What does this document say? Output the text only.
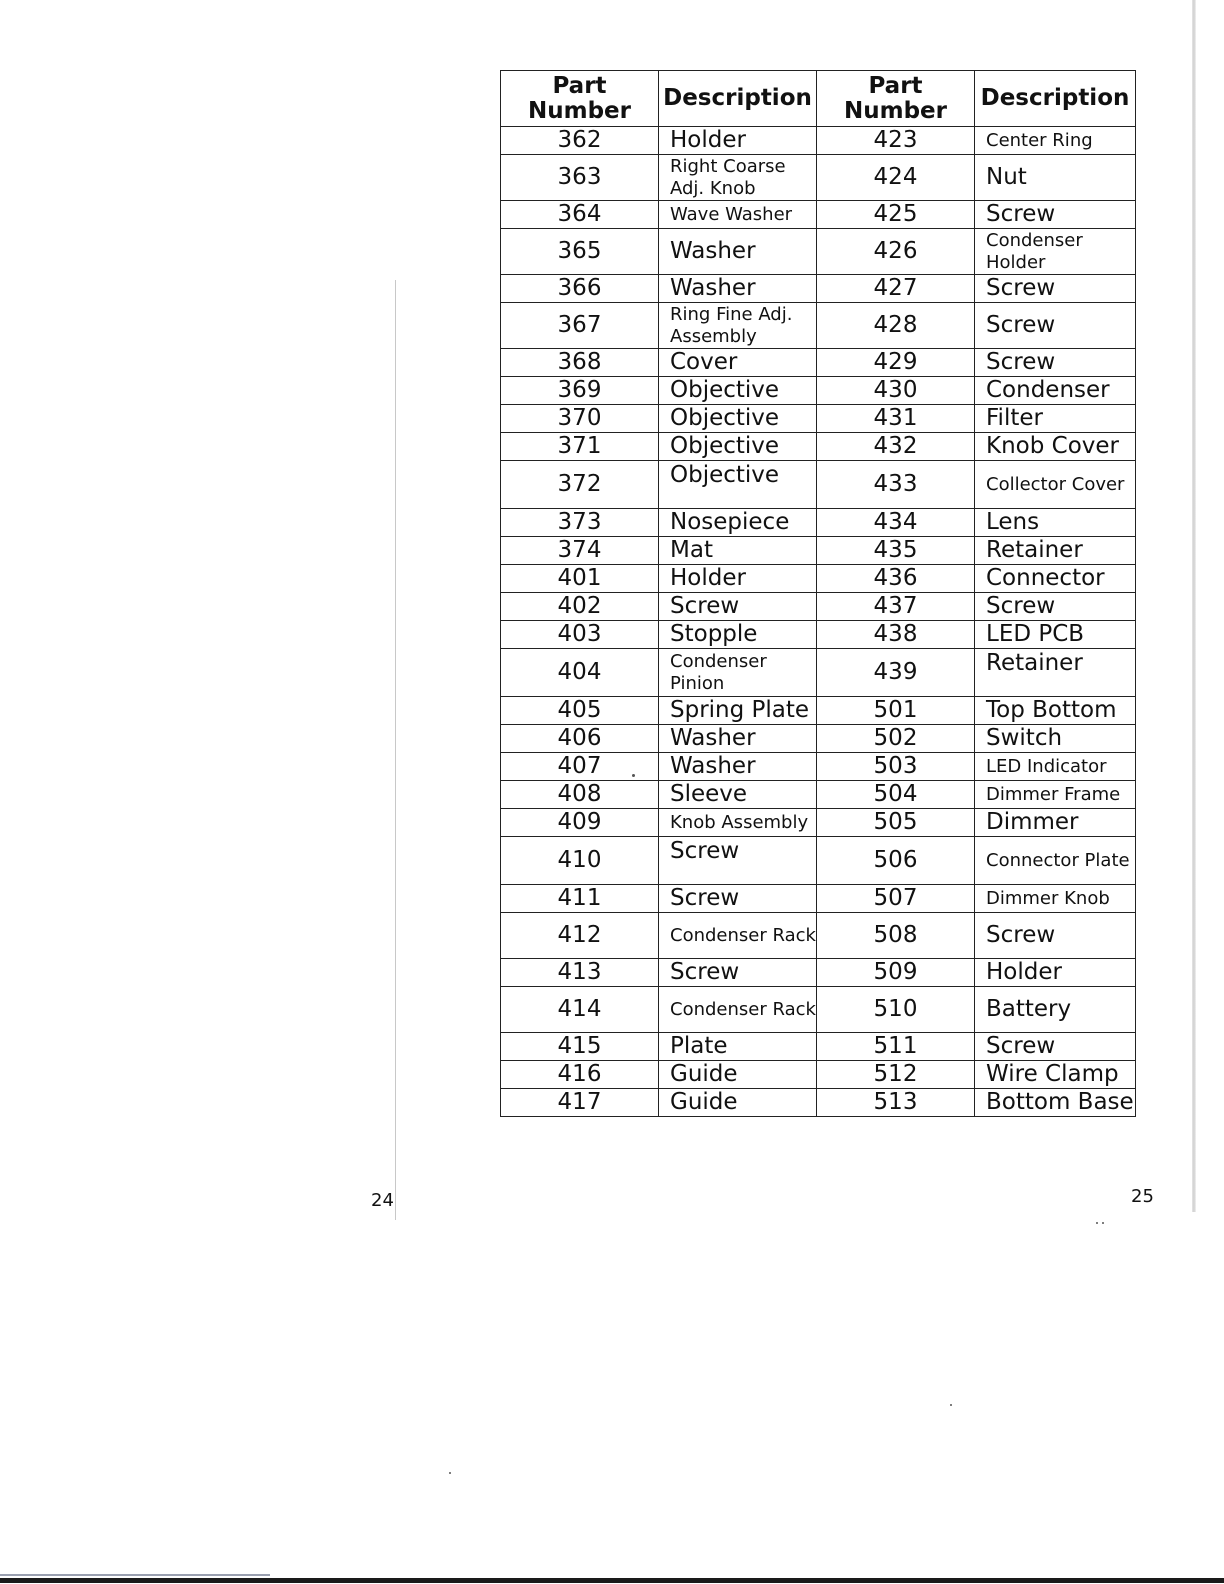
Part Number	Description	Part Number	Description
362	Holder	423	Center Ring
363	Right Coarse Adj. Knob	424	Nut
364	Wave Washer	425	Screw
365	Washer	426	Condenser Holder
366	Washer	427	Screw
367	Ring Fine Adj. Assembly	428	Screw
368	Cover	429	Screw
369	Objective	430	Condenser
370	Objective	431	Filter
371	Objective	432	Knob Cover
372	Objective	433	Collector Cover
373	Nosepiece	434	Lens
374	Mat	435	Retainer
401	Holder	436	Connector
402	Screw	437	Screw
403	Stopple	438	LED PCB
404	Condenser Pinion	439	Retainer
405	Spring Plate	501	Top Bottom
406	Washer	502	Switch
407	Washer	503	LED Indicator
408	Sleeve	504	Dimmer Frame
409	Knob Assembly	505	Dimmer
410	Screw	506	Connector Plate
411	Screw	507	Dimmer Knob
412	Condenser Rack	508	Screw
413	Screw	509	Holder
414	Condenser Rack	510	Battery
415	Plate	511	Screw
416	Guide	512	Wire Clamp
417	Guide	513	Bottom Base
24	25
